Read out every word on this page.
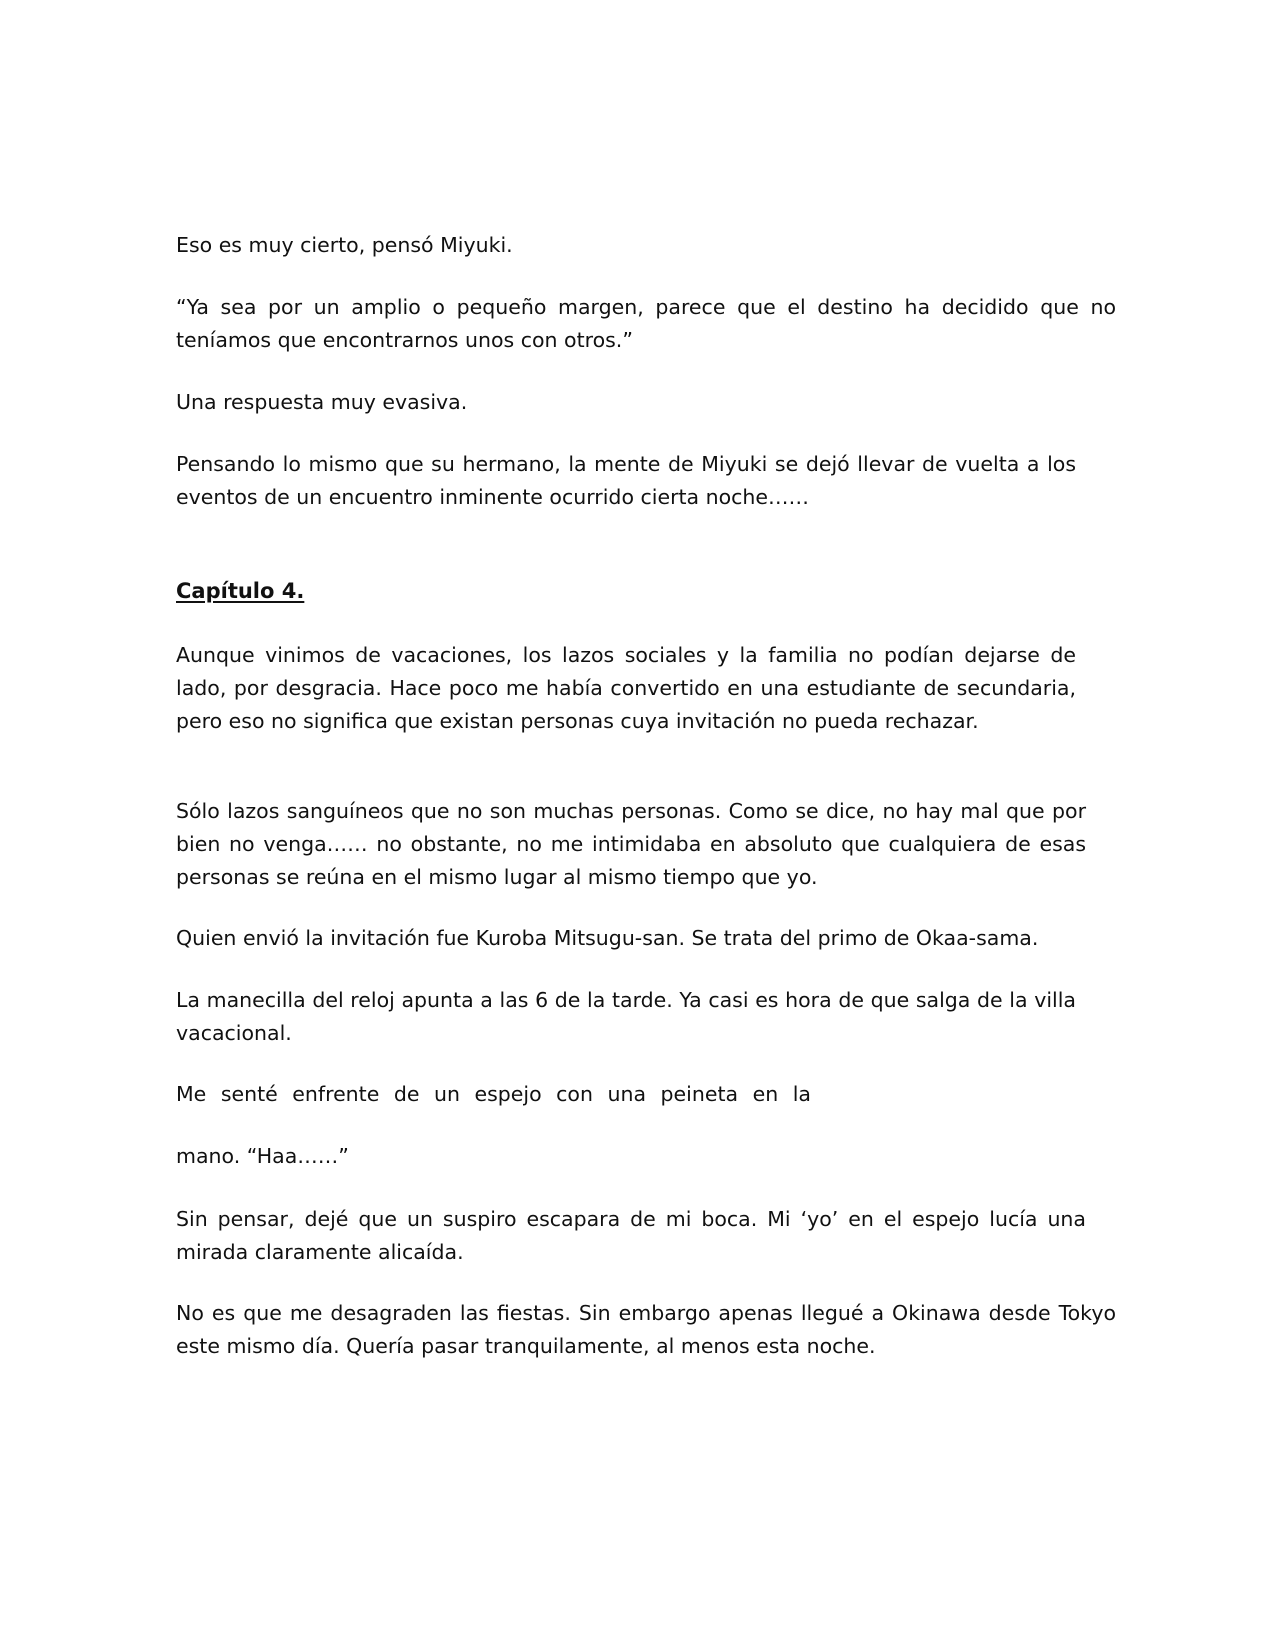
Eso es muy cierto, pensó Miyuki.

“Ya sea por un amplio o pequeño margen, parece que el destino ha decidido que no teníamos que encontrarnos unos con otros.”

Una respuesta muy evasiva.

Pensando lo mismo que su hermano, la mente de Miyuki se dejó llevar de vuelta a los eventos de un encuentro inminente ocurrido cierta noche……

Capítulo 4.

Aunque vinimos de vacaciones, los lazos sociales y la familia no podían dejarse de lado, por desgracia. Hace poco me había convertido en una estudiante de secundaria, pero eso no significa que existan personas cuya invitación no pueda rechazar.

Sólo lazos sanguíneos que no son muchas personas. Como se dice, no hay mal que por bien no venga…… no obstante, no me intimidaba en absoluto que cualquiera de esas personas se reúna en el mismo lugar al mismo tiempo que yo.

Quien envió la invitación fue Kuroba Mitsugu-san. Se trata del primo de Okaa-sama.

La manecilla del reloj apunta a las 6 de la tarde. Ya casi es hora de que salga de la villa vacacional.

Me senté enfrente de un espejo con una peineta en la

mano. “Haa……”

Sin pensar, dejé que un suspiro escapara de mi boca. Mi ‘yo’ en el espejo lucía una mirada claramente alicaída.

No es que me desagraden las fiestas. Sin embargo apenas llegué a Okinawa desde Tokyo este mismo día. Quería pasar tranquilamente, al menos esta noche.
